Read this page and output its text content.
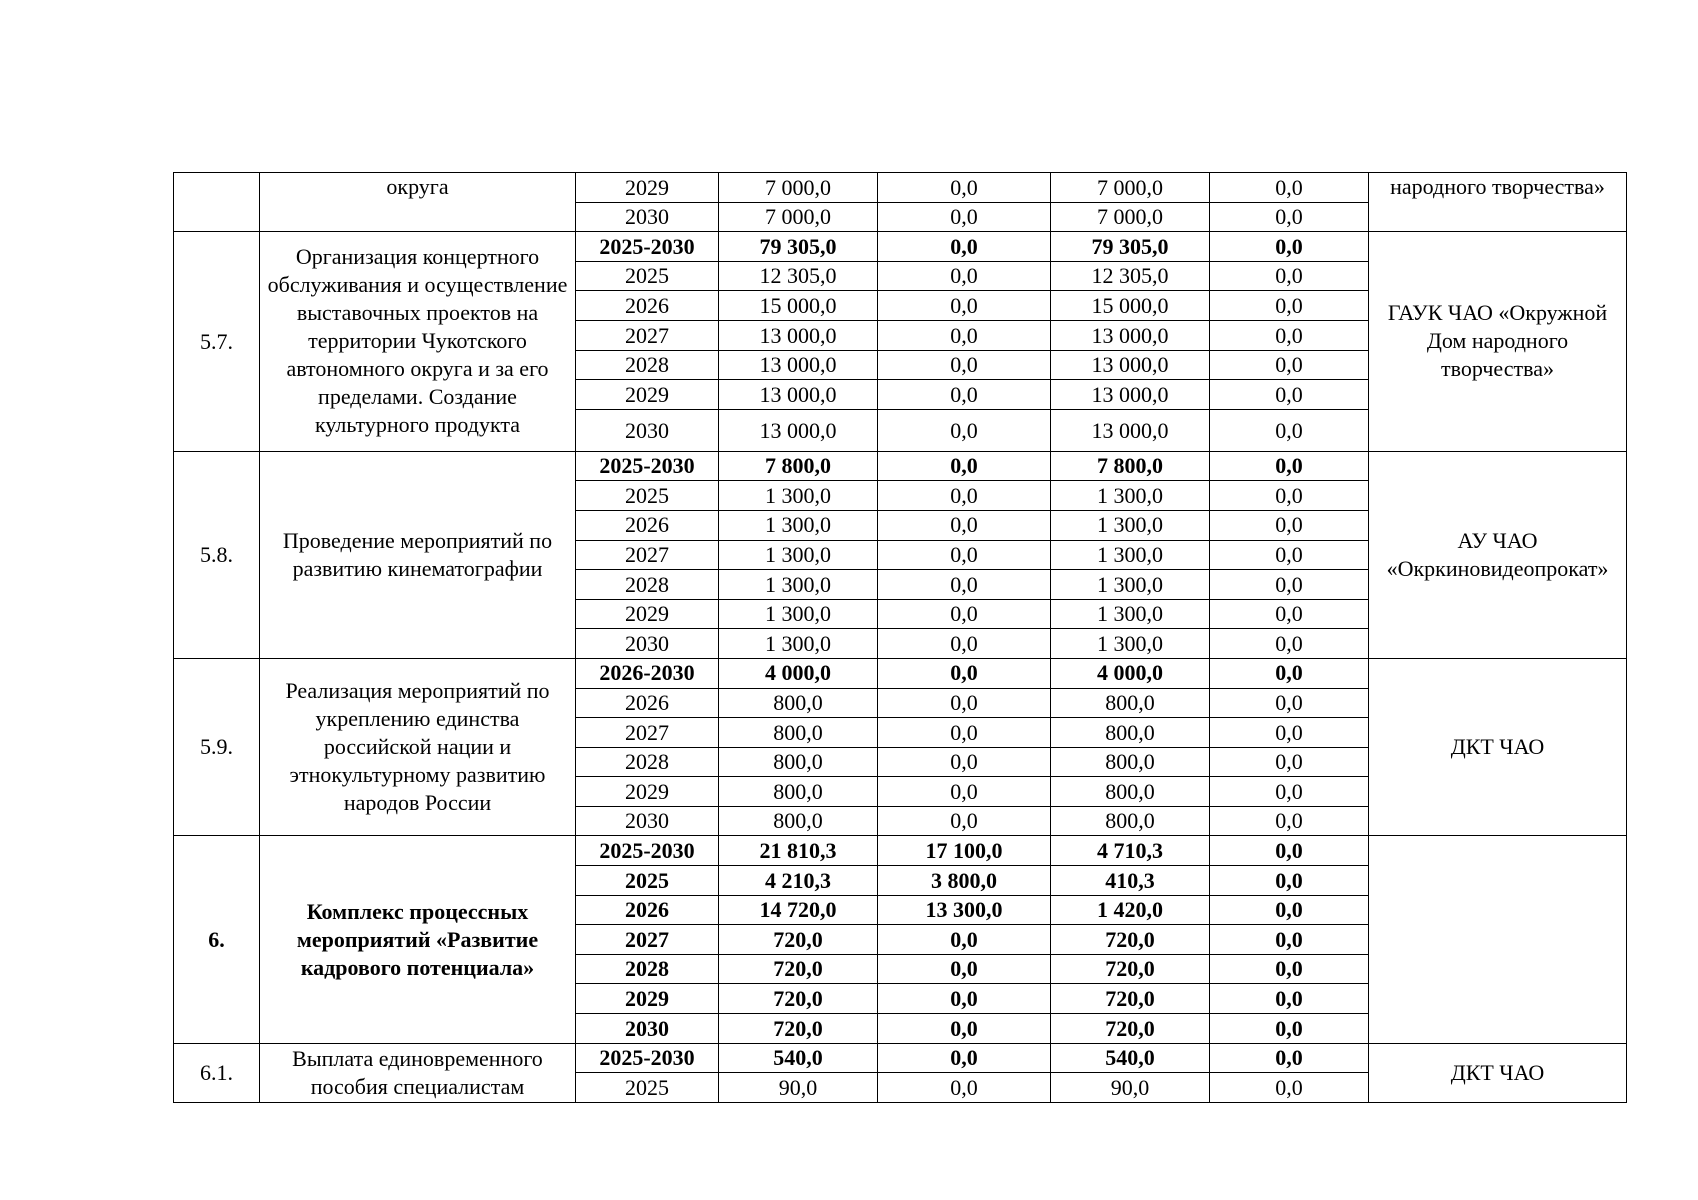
	округа	2029	7 000,0	0,0	7 000,0	0,0	народного творчества»
		2030	7 000,0	0,0	7 000,0	0,0	
5.7.	Организация концертного обслуживания и осуществление выставочных проектов на территории Чукотского автономного округа и за его пределами. Создание культурного продукта	2025-2030	79 305,0	0,0	79 305,0	0,0	ГАУК ЧАО «Окружной Дом народного творчества»
		2025	12 305,0	0,0	12 305,0	0,0	
		2026	15 000,0	0,0	15 000,0	0,0	
		2027	13 000,0	0,0	13 000,0	0,0	
		2028	13 000,0	0,0	13 000,0	0,0	
		2029	13 000,0	0,0	13 000,0	0,0	
		2030	13 000,0	0,0	13 000,0	0,0	
5.8.	Проведение мероприятий по развитию кинематографии	2025-2030	7 800,0	0,0	7 800,0	0,0	АУ ЧАО «Окркиновидеопрокат»
		2025	1 300,0	0,0	1 300,0	0,0	
		2026	1 300,0	0,0	1 300,0	0,0	
		2027	1 300,0	0,0	1 300,0	0,0	
		2028	1 300,0	0,0	1 300,0	0,0	
		2029	1 300,0	0,0	1 300,0	0,0	
		2030	1 300,0	0,0	1 300,0	0,0	
5.9.	Реализация мероприятий по укреплению единства российской нации и этнокультурному развитию народов России	2026-2030	4 000,0	0,0	4 000,0	0,0	ДКТ ЧАО
		2026	800,0	0,0	800,0	0,0	
		2027	800,0	0,0	800,0	0,0	
		2028	800,0	0,0	800,0	0,0	
		2029	800,0	0,0	800,0	0,0	
		2030	800,0	0,0	800,0	0,0	
6.	Комплекс процессных мероприятий «Развитие кадрового потенциала»	2025-2030	21 810,3	17 100,0	4 710,3	0,0	
		2025	4 210,3	3 800,0	410,3	0,0	
		2026	14 720,0	13 300,0	1 420,0	0,0	
		2027	720,0	0,0	720,0	0,0	
		2028	720,0	0,0	720,0	0,0	
		2029	720,0	0,0	720,0	0,0	
		2030	720,0	0,0	720,0	0,0	
6.1.	Выплата единовременного пособия специалистам	2025-2030	540,0	0,0	540,0	0,0	ДКТ ЧАО
		2025	90,0	0,0	90,0	0,0	
